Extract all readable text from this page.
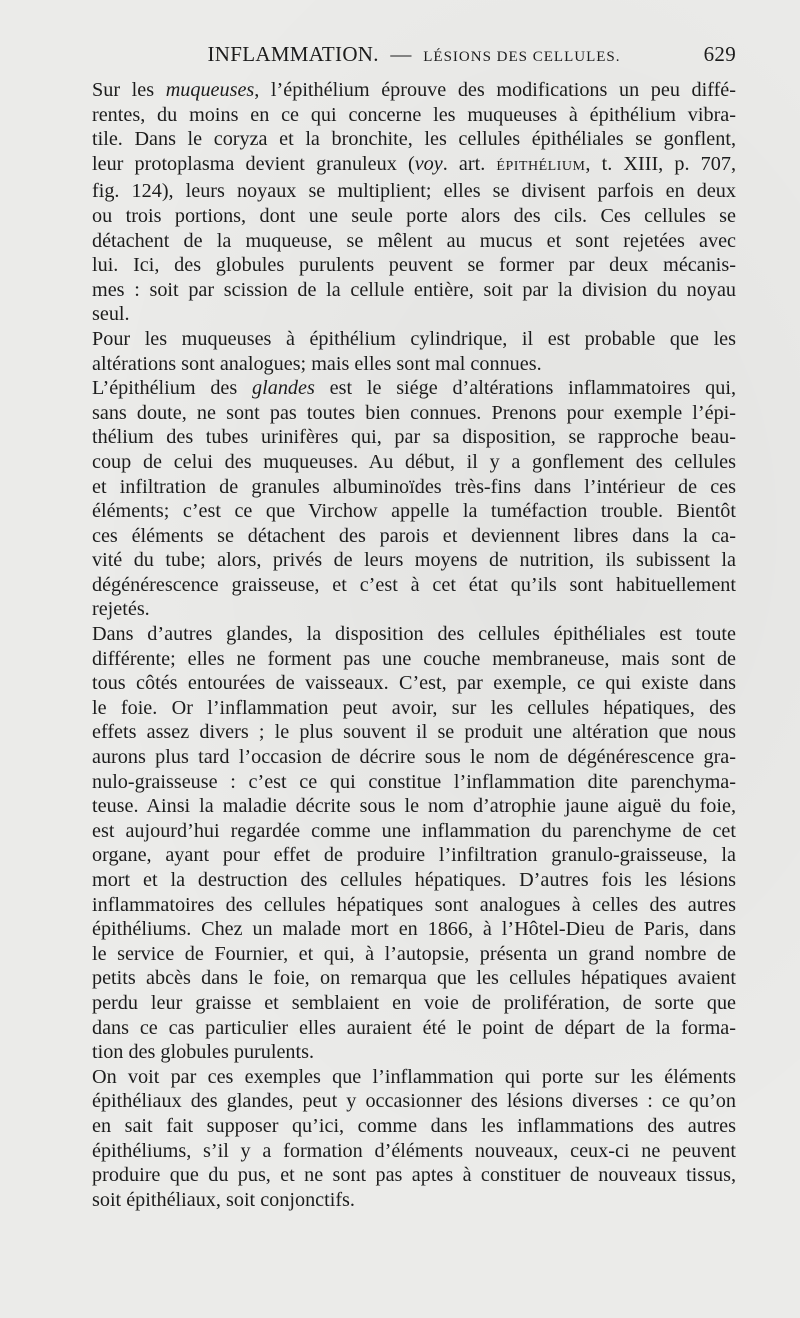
INFLAMMATION. — LÉSIONS DES CELLULES.	629

Sur les muqueuses, l’épithélium éprouve des modifications un peu diffé-
rentes, du moins en ce qui concerne les muqueuses à épithélium vibra-
tile. Dans le coryza et la bronchite, les cellules épithéliales se gonflent,
leur protoplasma devient granuleux (voy. art. ÉPITHÉLIUM, t. XIII, p. 707,
fig. 124), leurs noyaux se multiplient; elles se divisent parfois en deux
ou trois portions, dont une seule porte alors des cils. Ces cellules se
détachent de la muqueuse, se mêlent au mucus et sont rejetées avec
lui. Ici, des globules purulents peuvent se former par deux mécanis-
mes : soit par scission de la cellule entière, soit par la division du noyau
seul.

Pour les muqueuses à épithélium cylindrique, il est probable que les
altérations sont analogues; mais elles sont mal connues.

L’épithélium des glandes est le siége d’altérations inflammatoires qui,
sans doute, ne sont pas toutes bien connues. Prenons pour exemple l’épi-
thélium des tubes urinifères qui, par sa disposition, se rapproche beau-
coup de celui des muqueuses. Au début, il y a gonflement des cellules
et infiltration de granules albuminoïdes très-fins dans l’intérieur de ces
éléments; c’est ce que Virchow appelle la tuméfaction trouble. Bientôt
ces éléments se détachent des parois et deviennent libres dans la ca-
vité du tube; alors, privés de leurs moyens de nutrition, ils subissent la
dégénérescence graisseuse, et c’est à cet état qu’ils sont habituellement
rejetés.

Dans d’autres glandes, la disposition des cellules épithéliales est toute
différente; elles ne forment pas une couche membraneuse, mais sont de
tous côtés entourées de vaisseaux. C’est, par exemple, ce qui existe dans
le foie. Or l’inflammation peut avoir, sur les cellules hépatiques, des
effets assez divers ; le plus souvent il se produit une altération que nous
aurons plus tard l’occasion de décrire sous le nom de dégénérescence gra-
nulo-graisseuse : c’est ce qui constitue l’inflammation dite parenchyma-
teuse. Ainsi la maladie décrite sous le nom d’atrophie jaune aiguë du foie,
est aujourd’hui regardée comme une inflammation du parenchyme de cet
organe, ayant pour effet de produire l’infiltration granulo-graisseuse, la
mort et la destruction des cellules hépatiques. D’autres fois les lésions
inflammatoires des cellules hépatiques sont analogues à celles des autres
épithéliums. Chez un malade mort en 1866, à l’Hôtel-Dieu de Paris, dans
le service de Fournier, et qui, à l’autopsie, présenta un grand nombre de
petits abcès dans le foie, on remarqua que les cellules hépatiques avaient
perdu leur graisse et semblaient en voie de prolifération, de sorte que
dans ce cas particulier elles auraient été le point de départ de la forma-
tion des globules purulents.

On voit par ces exemples que l’inflammation qui porte sur les éléments
épithéliaux des glandes, peut y occasionner des lésions diverses : ce qu’on
en sait fait supposer qu’ici, comme dans les inflammations des autres
épithéliums, s’il y a formation d’éléments nouveaux, ceux-ci ne peuvent
produire que du pus, et ne sont pas aptes à constituer de nouveaux tissus,
soit épithéliaux, soit conjonctifs.
